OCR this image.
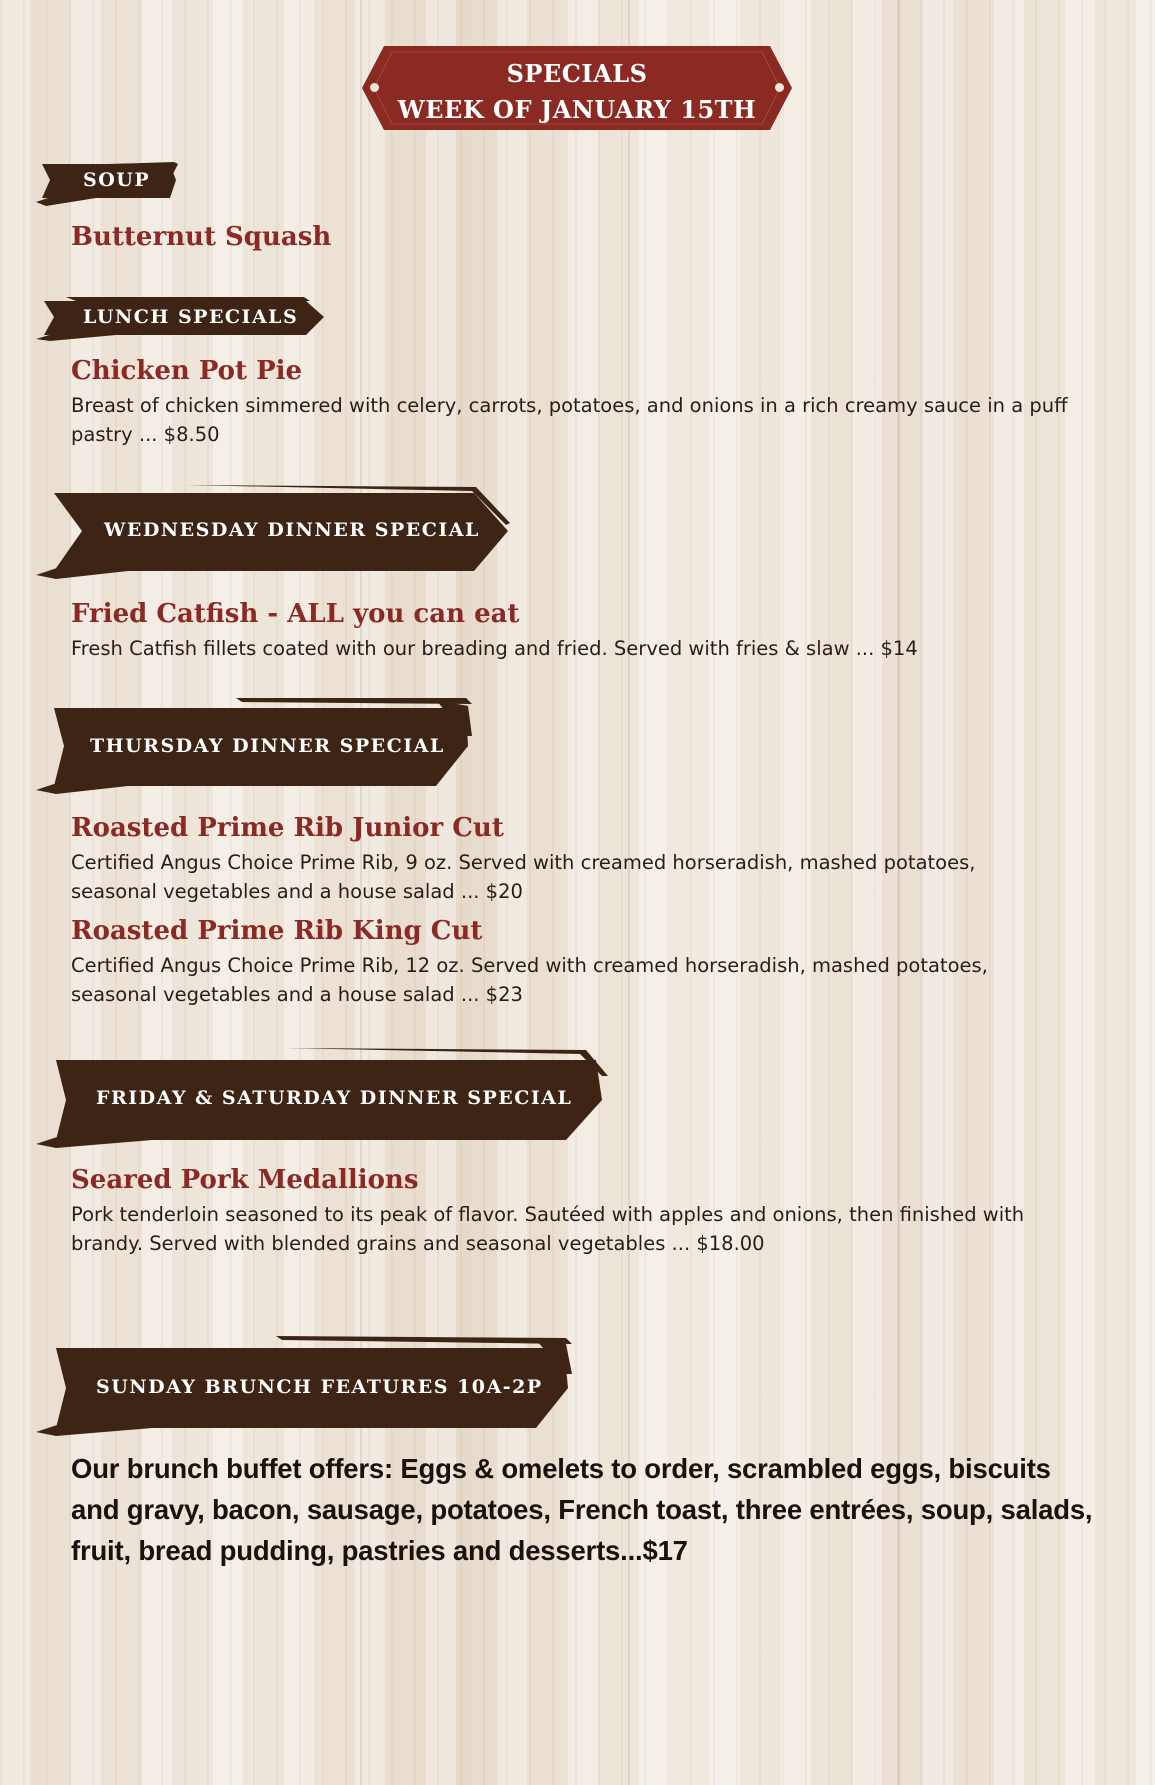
SPECIALS
WEEK OF JANUARY 15TH
SOUP
Butternut Squash
LUNCH SPECIALS
Chicken Pot Pie
Breast of chicken simmered with celery, carrots, potatoes, and onions in a rich creamy sauce in a puff pastry ... $8.50
WEDNESDAY DINNER SPECIAL
Fried Catfish - ALL you can eat
Fresh Catfish fillets coated with our breading and fried. Served with fries & slaw ... $14
THURSDAY DINNER SPECIAL
Roasted Prime Rib Junior Cut
Certified Angus Choice Prime Rib, 9 oz. Served with creamed horseradish, mashed potatoes, seasonal vegetables and a house salad ... $20
Roasted Prime Rib King Cut
Certified Angus Choice Prime Rib, 12 oz. Served with creamed horseradish, mashed potatoes, seasonal vegetables and a house salad ... $23
FRIDAY & SATURDAY DINNER SPECIAL
Seared Pork Medallions
Pork tenderloin seasoned to its peak of flavor. Sautéed with apples and onions, then finished with brandy. Served with blended grains and seasonal vegetables ... $18.00
SUNDAY BRUNCH FEATURES 10A-2P
Our brunch buffet offers: Eggs & omelets to order, scrambled eggs, biscuits and gravy, bacon, sausage, potatoes, French toast, three entrées, soup, salads, fruit, bread pudding, pastries and desserts...$17
